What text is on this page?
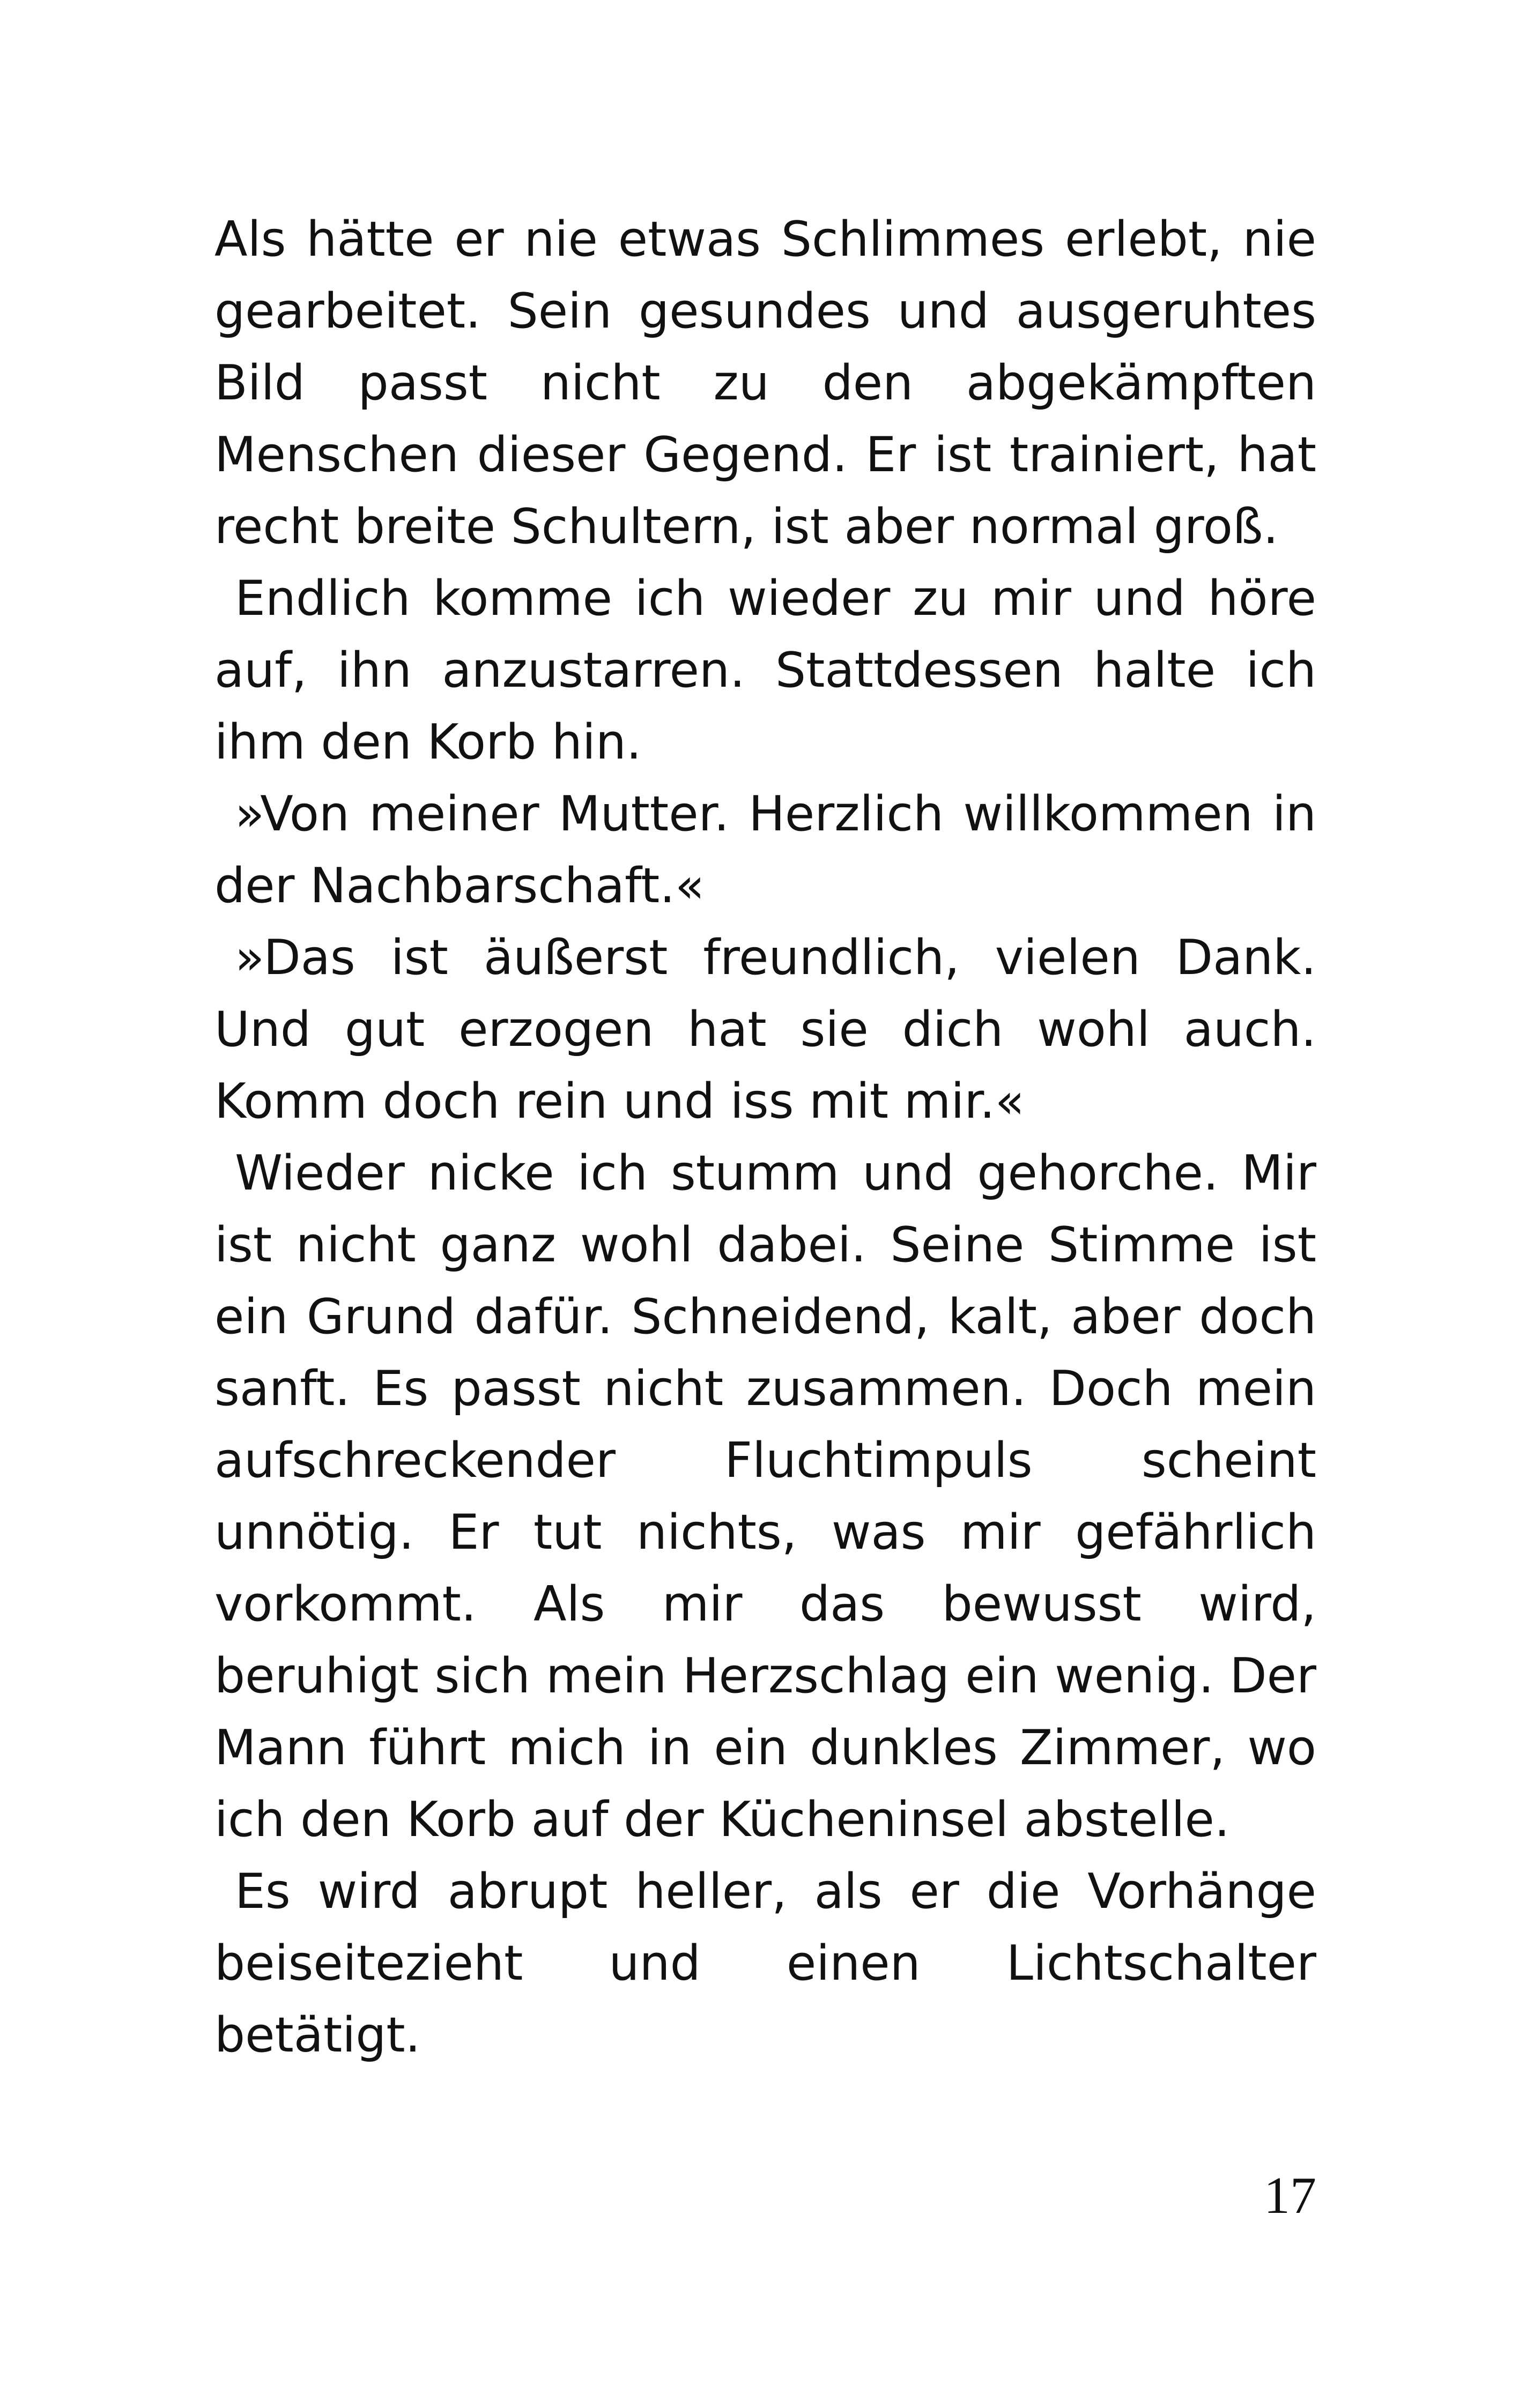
Als hätte er nie etwas Schlimmes erlebt, nie gearbeitet. Sein gesundes und ausgeruhtes Bild passt nicht zu den abgekämpften Menschen dieser Gegend. Er ist trainiert, hat recht breite Schultern, ist aber normal groß.

Endlich komme ich wieder zu mir und höre auf, ihn anzustarren. Stattdessen halte ich ihm den Korb hin.

»Von meiner Mutter. Herzlich willkommen in der Nachbarschaft.«

»Das ist äußerst freundlich, vielen Dank. Und gut erzogen hat sie dich wohl auch. Komm doch rein und iss mit mir.«

Wieder nicke ich stumm und gehorche. Mir ist nicht ganz wohl dabei. Seine Stimme ist ein Grund dafür. Schneidend, kalt, aber doch sanft. Es passt nicht zusammen. Doch mein aufschreckender Fluchtimpuls scheint unnötig. Er tut nichts, was mir gefährlich vorkommt. Als mir das bewusst wird, beruhigt sich mein Herzschlag ein wenig. Der Mann führt mich in ein dunkles Zimmer, wo ich den Korb auf der Kücheninsel abstelle.

Es wird abrupt heller, als er die Vorhänge beiseitezieht und einen Lichtschalter betätigt.

17
